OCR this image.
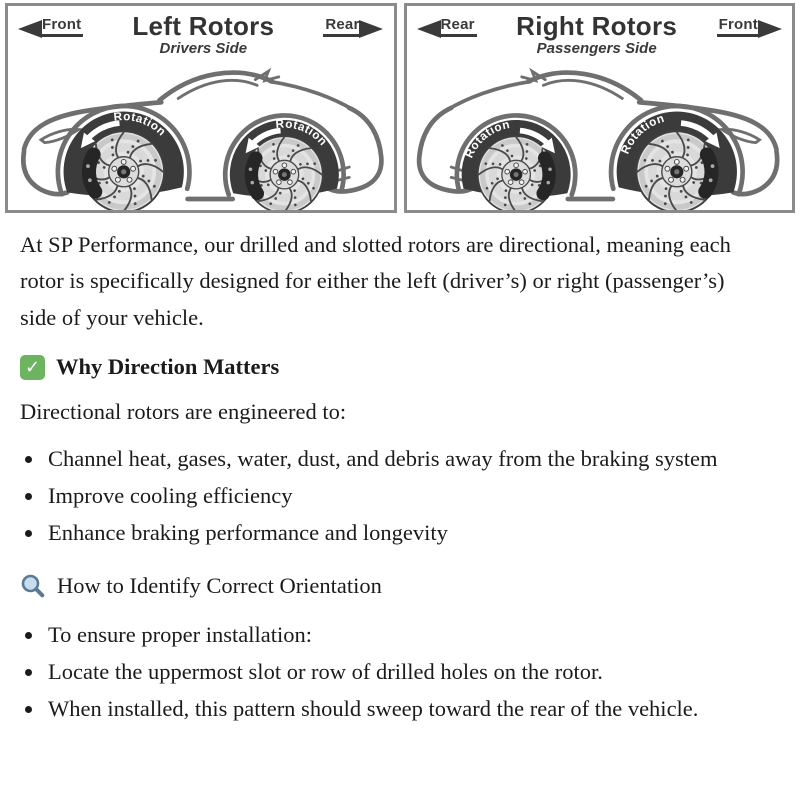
Front Left Rotors
Drivers Side
Rear
Rotation	Rotation
Rear Right Rotors
Passengers Side
Front
Rotation
Rotation

At SP Performance, our drilled and slotted rotors are directional, meaning each rotor is specifically designed for either the left (driver’s) or right (passenger’s) side of your vehicle.

✓ Why Direction Matters

Directional rotors are engineered to:

• Channel heat, gases, water, dust, and debris away from the braking system
• Improve cooling efficiency
• Enhance braking performance and longevity
How to Identify Correct Orientation
• To ensure proper installation:
• Locate the uppermost slot or row of drilled holes on the rotor.
• When installed, this pattern should sweep toward the rear of the vehicle.
